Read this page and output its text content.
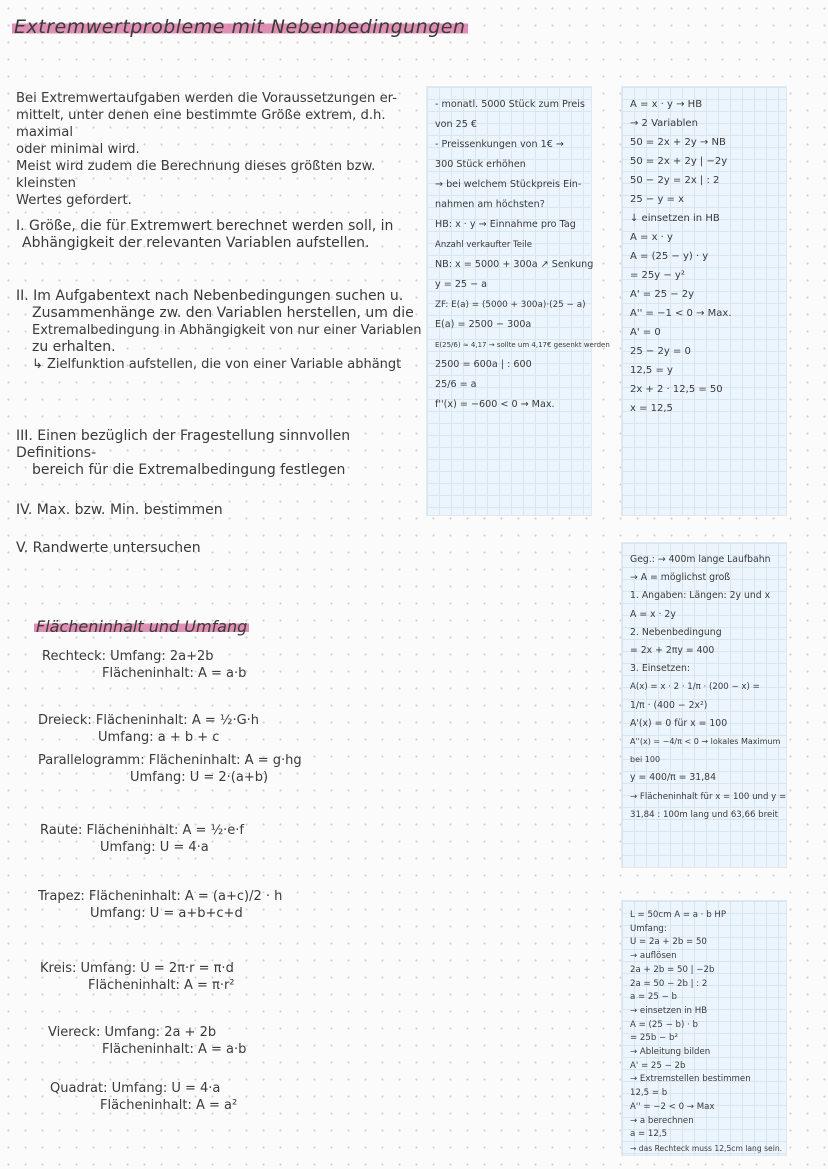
Extremwertprobleme mit Nebenbedingungen
Bei Extremwertaufgaben werden die Voraussetzungen er-
mittelt, unter denen eine bestimmte Größe extrem, d.h. maximal
oder minimal wird.
Meist wird zudem die Berechnung dieses größten bzw. kleinsten
Wertes gefordert.
I. Größe, die für Extremwert berechnet werden soll, in
Abhängigkeit der relevanten Variablen aufstellen.
II. Im Aufgabentext nach Nebenbedingungen suchen u.
Zusammenhänge zw. den Variablen herstellen, um die
Extremalbedingung in Abhängigkeit von nur einer Variablen
zu erhalten.
↳ Zielfunktion aufstellen, die von einer Variable abhängt
III. Einen bezüglich der Fragestellung sinnvollen Definitions-
bereich für die Extremalbedingung festlegen
IV. Max. bzw. Min. bestimmen
V. Randwerte untersuchen
Flächeninhalt und Umfang
Rechteck: Umfang: 2a+2b
Flächeninhalt: A = a·b
Dreieck: Flächeninhalt: A = ½·G·h
Umfang: a + b + c
Parallelogramm: Flächeninhalt: A = g·hg
Umfang: U = 2·(a+b)
Raute: Flächeninhalt: A = ½·e·f
Umfang: U = 4·a
Trapez: Flächeninhalt: A = (a+c)/2 · h
Umfang: U = a+b+c+d
Kreis: Umfang: U = 2π·r = π·d
Flächeninhalt: A = π·r²
Viereck: Umfang: 2a + 2b
Flächeninhalt: A = a·b
Quadrat: Umfang: U = 4·a
Flächeninhalt: A = a²
- monatl. 5000 Stück zum Preis
von 25 €
- Preissenkungen von 1€ →
300 Stück erhöhen
→ bei welchem Stückpreis Ein-
nahmen am höchsten?
HB: x · y → Einnahme pro Tag
Anzahl verkaufter Teile
NB: x = 5000 + 300a ↗ Senkung
y = 25 − a
ZF: E(a) = (5000 + 300a)·(25 − a)
E(a) = 2500 − 300a
E(25/6) ≈ 4,17 → sollte um 4,17€ gesenkt werden
2500 = 600a | : 600
25/6 = a
f''(x) = −600 < 0 → Max.
A = x · y → HB
→ 2 Variablen
50 = 2x + 2y → NB
50 = 2x + 2y | −2y
50 − 2y = 2x | : 2
25 − y = x
↓ einsetzen in HB
A = x · y
A = (25 − y) · y
= 25y − y²
A' = 25 − 2y
A'' = −1 < 0 → Max.
A' = 0
25 − 2y = 0
12,5 = y
2x + 2 · 12,5 = 50
x = 12,5
Geg.: → 400m lange Laufbahn
→ A = möglichst groß
1. Angaben: Längen: 2y und x
A = x · 2y
2. Nebenbedingung
= 2x + 2πy = 400
3. Einsetzen:
A(x) = x · 2 · 1/π · (200 − x) =
1/π · (400 − 2x²)
A'(x) = 0 für x = 100
A''(x) = −4/π < 0 → lokales Maximum
bei 100
y = 400/π = 31,84
→ Flächeninhalt für x = 100 und y =
31,84 : 100m lang und 63,66 breit
L = 50cm A = a · b HP
Umfang:
U = 2a + 2b = 50
→ auflösen
2a + 2b = 50 | −2b
2a = 50 − 2b | : 2
a = 25 − b
→ einsetzen in HB
A = (25 − b) · b
= 25b − b²
→ Ableitung bilden
A' = 25 − 2b
→ Extremstellen bestimmen
12,5 = b
A'' = −2 < 0 → Max
→ a berechnen
a = 12,5
→ das Rechteck muss 12,5cm lang sein.
